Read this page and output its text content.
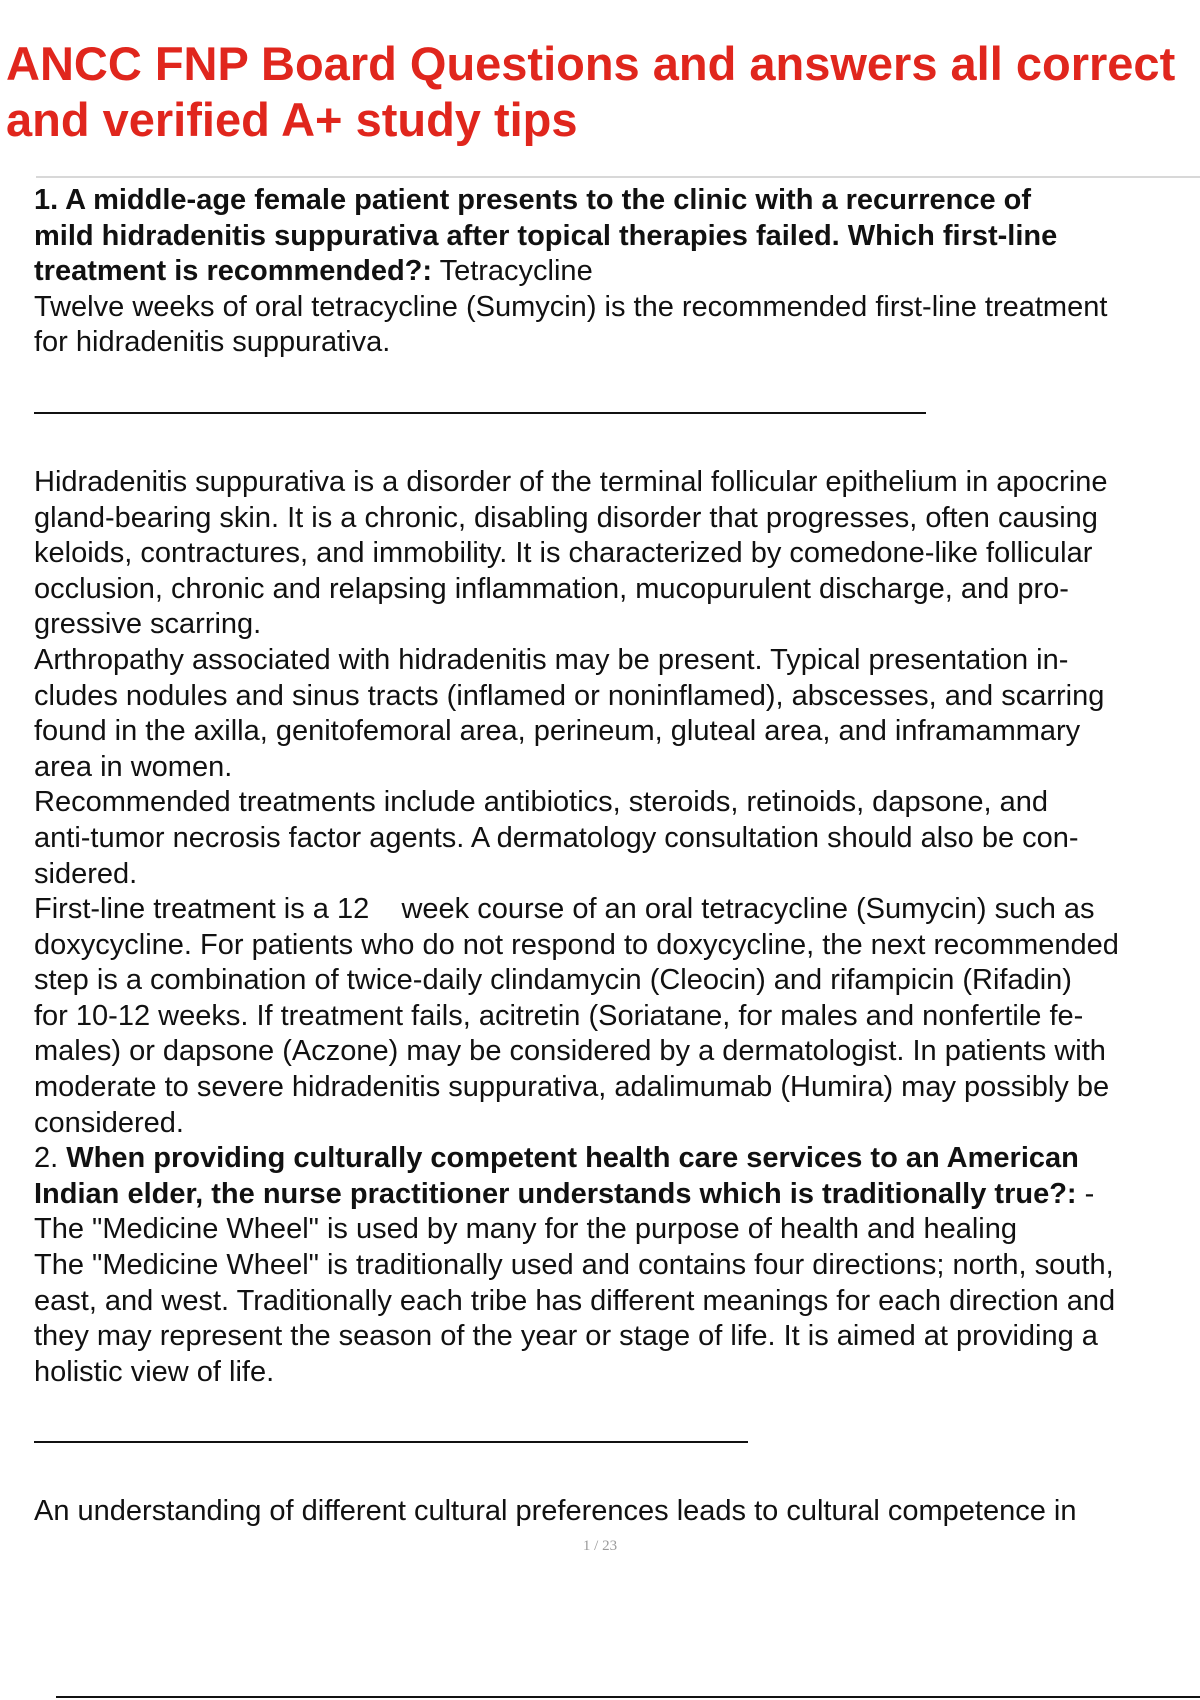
ANCC FNP Board Questions and answers all correct
and verified A+ study tips
1. A middle-age female patient presents to the clinic with a recurrence of
mild hidradenitis suppurativa after topical therapies failed. Which first-line
treatment is recommended?: Tetracycline
Twelve weeks of oral tetracycline (Sumycin) is the recommended first-line treatment
for hidradenitis suppurativa.
Hidradenitis suppurativa is a disorder of the terminal follicular epithelium in apocrine
gland-bearing skin. It is a chronic, disabling disorder that progresses, often causing
keloids, contractures, and immobility. It is characterized by comedone-like follicular
occlusion, chronic and relapsing inflammation, mucopurulent discharge, and pro-
gressive scarring.
Arthropathy associated with hidradenitis may be present. Typical presentation in-
cludes nodules and sinus tracts (inflamed or noninflamed), abscesses, and scarring
found in the axilla, genitofemoral area, perineum, gluteal area, and inframammary
area in women.
Recommended treatments include antibiotics, steroids, retinoids, dapsone, and
anti-tumor necrosis factor agents. A dermatology consultation should also be con-
sidered.
First-line treatment is a 12    week course of an oral tetracycline (Sumycin) such as
doxycycline. For patients who do not respond to doxycycline, the next recommended
step is a combination of twice-daily clindamycin (Cleocin) and rifampicin (Rifadin)
for 10-12 weeks. If treatment fails, acitretin (Soriatane, for males and nonfertile fe-
males) or dapsone (Aczone) may be considered by a dermatologist. In patients with
moderate to severe hidradenitis suppurativa, adalimumab (Humira) may possibly be
considered.
2. When providing culturally competent health care services to an American
Indian elder, the nurse practitioner understands which is traditionally true?: -
The "Medicine Wheel" is used by many for the purpose of health and healing
The "Medicine Wheel" is traditionally used and contains four directions; north, south,
east, and west. Traditionally each tribe has different meanings for each direction and
they may represent the season of the year or stage of life. It is aimed at providing a
holistic view of life.
An understanding of different cultural preferences leads to cultural competence in
1 / 23
